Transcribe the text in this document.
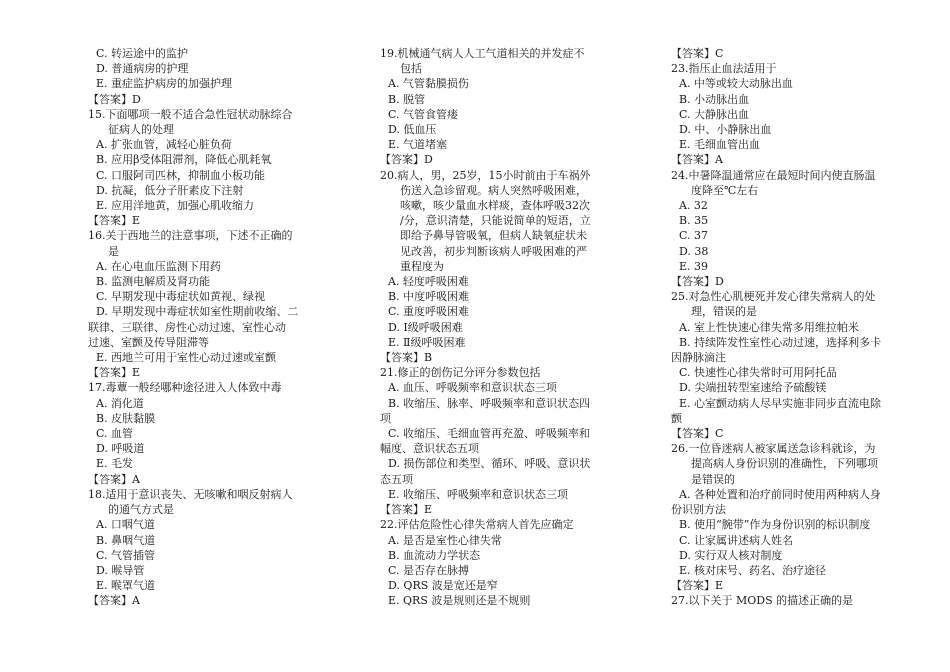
C. 转运途中的监护
D. 普通病房的护理
E. 重症监护病房的加强护理
【答案】D
15.下面哪项一般不适合急性冠状动脉综合
征病人的处理
A. 扩张血管，减轻心脏负荷
B. 应用β受体阻滞剂，降低心肌耗氧
C. 口服阿司匹林，抑制血小板功能
D. 抗凝，低分子肝素皮下注射
E. 应用洋地黄，加强心肌收缩力
【答案】E
16.关于西地兰的注意事项，下述不正确的
是
A. 在心电血压监测下用药
B. 监测电解质及肾功能
C. 早期发现中毒症状如黄视、绿视
D. 早期发现中毒症状如室性期前收缩、二
联律、三联律、房性心动过速、室性心动
过速、室颤及传导阻滞等
E. 西地兰可用于室性心动过速或室颤
【答案】E
17.毒蕈一般经哪种途径进入人体致中毒
A. 消化道
B. 皮肤黏膜
C. 血管
D. 呼吸道
E. 毛发
【答案】A
18.适用于意识丧失、无咳嗽和咽反射病人
的通气方式是
A. 口咽气道
B. 鼻咽气道
C. 气管插管
D. 喉导管
E. 喉罩气道
【答案】A
19.机械通气病人人工气道相关的并发症不
包括
A. 气管黏膜损伤
B. 脱管
C. 气管食管瘘
D. 低血压
E. 气道堵塞
【答案】D
20.病人，男，25岁，15小时前由于车祸外
伤送入急诊留观。病人突然呼吸困难，
咳嗽，咳少量血水样痰，查体呼吸32次
/分，意识清楚，只能说简单的短语，立
即给予鼻导管吸氧，但病人缺氧症状未
见改善，初步判断该病人呼吸困难的严
重程度为
A. 轻度呼吸困难
B. 中度呼吸困难
C. 重度呼吸困难
D. Ⅰ级呼吸困难
E. Ⅱ级呼吸困难
【答案】B
21.修正的创伤记分评分参数包括
A. 血压、呼吸频率和意识状态三项
B. 收缩压、脉率、呼吸频率和意识状态四
项
C. 收缩压、毛细血管再充盈、呼吸频率和
幅度、意识状态五项
D. 损伤部位和类型、循环、呼吸、意识状
态五项
E. 收缩压、呼吸频率和意识状态三项
【答案】E
22.评估危险性心律失常病人首先应确定
A. 是否是室性心律失常
B. 血流动力学状态
C. 是否存在脉搏
D. QRS 波是宽还是窄
E. QRS 波是规则还是不规则
【答案】C
23.指压止血法适用于
A. 中等或较大动脉出血
B. 小动脉出血
C. 大静脉出血
D. 中、小静脉出血
E. 毛细血管出血
【答案】A
24.中暑降温通常应在最短时间内使直肠温
度降至℃左右
A. 32
B. 35
C. 37
D. 38
E. 39
【答案】D
25.对急性心肌梗死并发心律失常病人的处
理，错误的是
A. 室上性快速心律失常多用维拉帕米
B. 持续阵发性室性心动过速，选择利多卡
因静脉滴注
C. 快速性心律失常时可用阿托品
D. 尖端扭转型室速给予硫酸镁
E. 心室颤动病人尽早实施非同步直流电除
颤
【答案】C
26.一位昏迷病人被家属送急诊科就诊，为
提高病人身份识别的准确性，下列哪项
是错误的
A. 各种处置和治疗前同时使用两种病人身
份识别方法
B. 使用“腕带”作为身份识别的标识制度
C. 让家属讲述病人姓名
D. 实行双人核对制度
E. 核对床号、药名、治疗途径
【答案】E
27.以下关于 MODS 的描述正确的是
